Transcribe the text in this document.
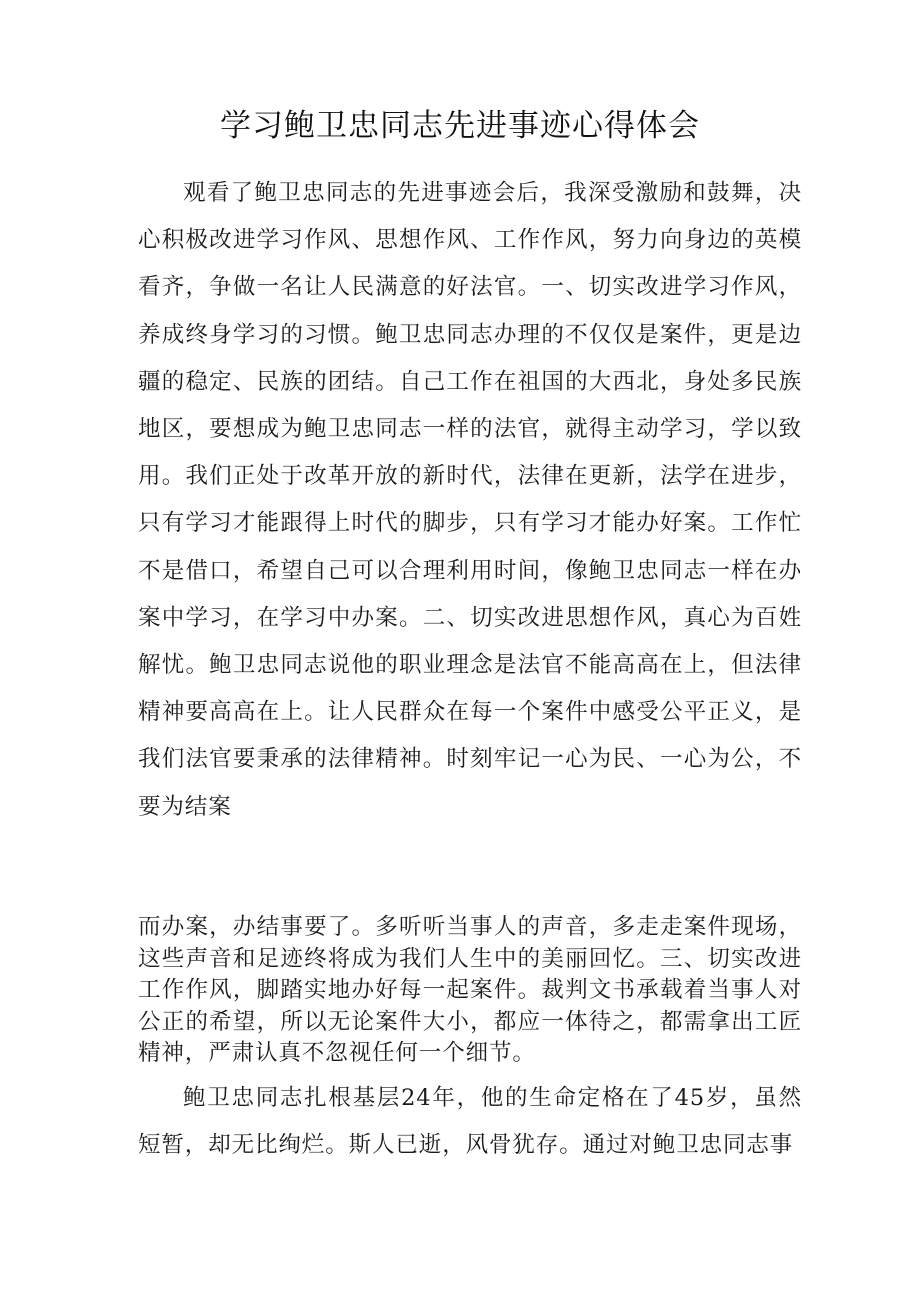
学习鲍卫忠同志先进事迹心得体会

观看了鲍卫忠同志的先进事迹会后，我深受激励和鼓舞，决心积极改进学习作风、思想作风、工作作风，努力向身边的英模看齐，争做一名让人民满意的好法官。一、切实改进学习作风，养成终身学习的习惯。鲍卫忠同志办理的不仅仅是案件，更是边疆的稳定、民族的团结。自己工作在祖国的大西北，身处多民族地区，要想成为鲍卫忠同志一样的法官，就得主动学习，学以致用。我们正处于改革开放的新时代，法律在更新，法学在进步，只有学习才能跟得上时代的脚步，只有学习才能办好案。工作忙不是借口，希望自己可以合理利用时间，像鲍卫忠同志一样在办案中学习，在学习中办案。二、切实改进思想作风，真心为百姓解忧。鲍卫忠同志说他的职业理念是法官不能高高在上，但法律精神要高高在上。让人民群众在每一个案件中感受公平正义，是我们法官要秉承的法律精神。时刻牢记一心为民、一心为公，不要为结案

而办案，办结事要了。多听听当事人的声音，多走走案件现场，这些声音和足迹终将成为我们人生中的美丽回忆。三、切实改进工作作风，脚踏实地办好每一起案件。裁判文书承载着当事人对公正的希望，所以无论案件大小，都应一体待之，都需拿出工匠精神，严肃认真不忽视任何一个细节。

鲍卫忠同志扎根基层24年，他的生命定格在了45岁，虽然短暂，却无比绚烂。斯人已逝，风骨犹存。通过对鲍卫忠同志事
